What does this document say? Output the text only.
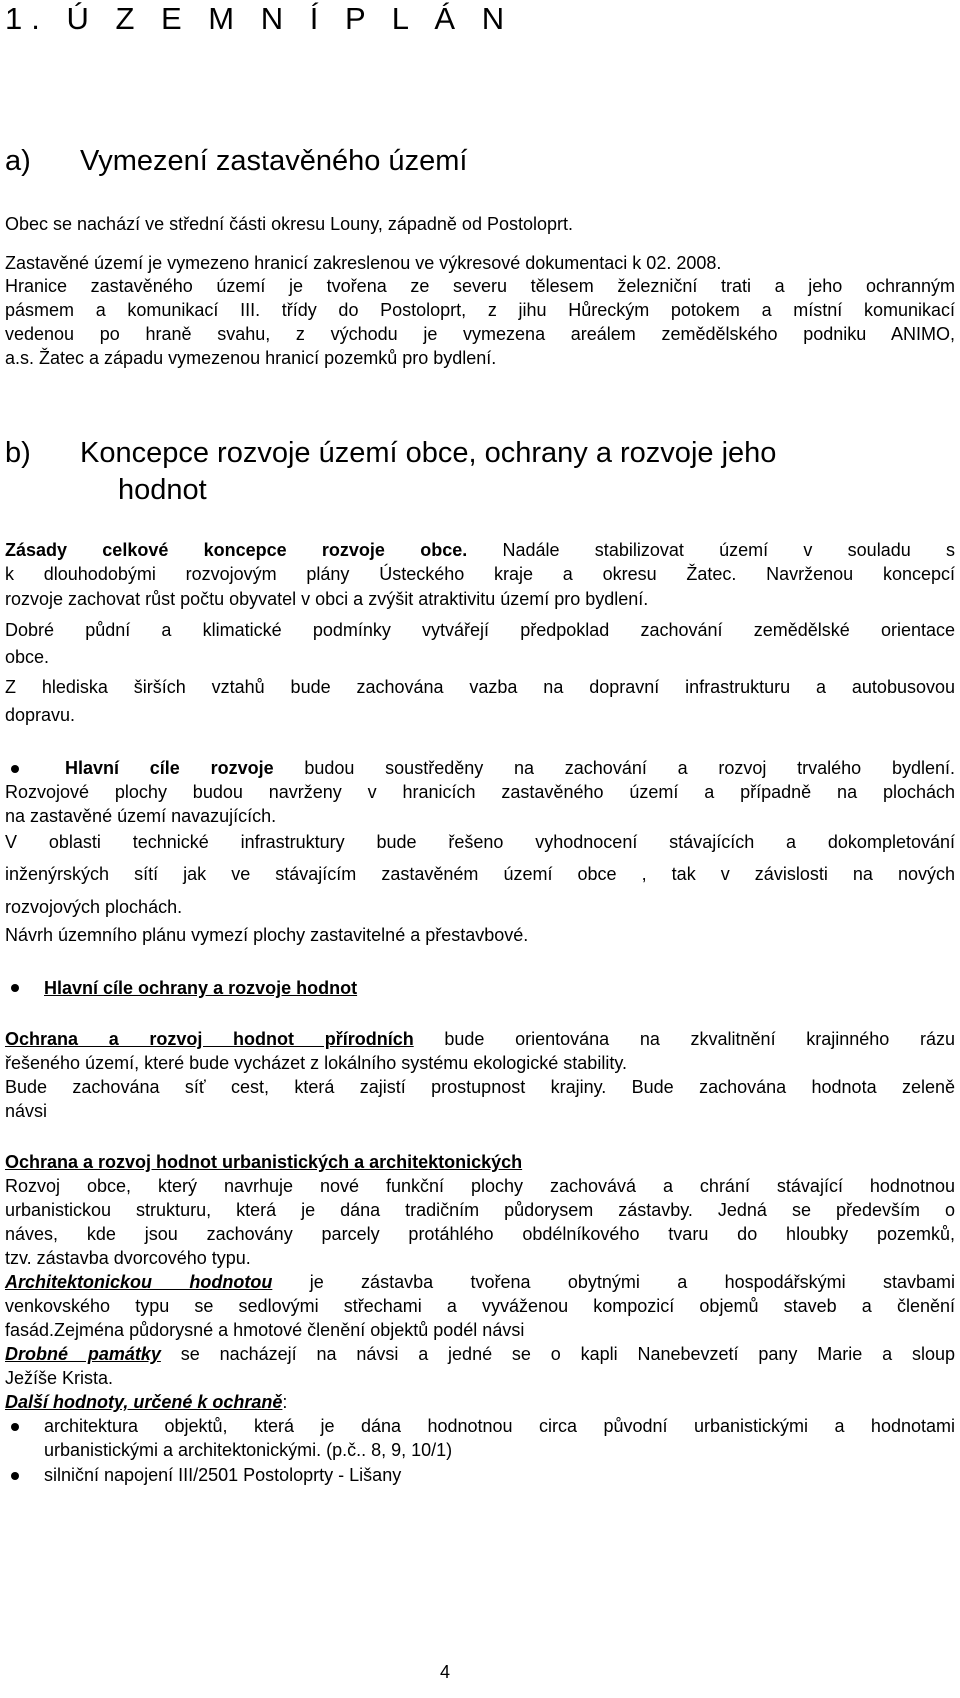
1. Ú Z E M N Í P L Á N
a) Vymezení zastavěného území
Obec se nachází ve střední části okresu Louny, západně od Postoloprt.
Zastavěné území je vymezeno hranicí zakreslenou ve výkresové dokumentaci k 02. 2008.
Hranice zastavěného území je tvořena ze severu tělesem železniční trati a jeho ochranným
pásmem a komunikací III. třídy do Postoloprt, z jihu Hůreckým potokem a místní komunikací
vedenou po hraně svahu, z východu je vymezena areálem zemědělského podniku ANIMO,
a.s. Žatec a západu vymezenou hranicí pozemků pro bydlení.
b) Koncepce rozvoje území obce, ochrany a rozvoje jeho
hodnot
Zásady celkové koncepce rozvoje obce. Nadále stabilizovat území v souladu s
k dlouhodobými rozvojovým plány Ústeckého kraje a okresu Žatec. Navrženou koncepcí
rozvoje zachovat růst počtu obyvatel v obci a zvýšit atraktivitu území pro bydlení.
Dobré půdní a klimatické podmínky vytvářejí předpoklad zachování zemědělské orientace
obce.
Z hlediska širších vztahů bude zachována vazba na dopravní infrastrukturu a autobusovou
dopravu.
Hlavní cíle rozvoje budou soustředěny na zachování a rozvoj trvalého bydlení.
Rozvojové plochy budou navrženy v hranicích zastavěného území a případně na plochách
na zastavěné území navazujících.
V oblasti technické infrastruktury bude řešeno vyhodnocení stávajících a dokompletování
inženýrských sítí jak ve stávajícím zastavěném území obce , tak v závislosti na nových
rozvojových plochách.
Návrh územního plánu vymezí plochy zastavitelné a přestavbové.
Hlavní cíle ochrany a rozvoje hodnot
Ochrana a rozvoj hodnot přírodních bude orientována na zkvalitnění krajinného rázu
řešeného území, které bude vycházet z lokálního systému ekologické stability.
Bude zachována síť cest, která zajistí prostupnost krajiny. Bude zachována hodnota zeleně
návsi
Ochrana a rozvoj hodnot urbanistických a architektonických
Rozvoj obce, který navrhuje nové funkční plochy zachovává a chrání stávající hodnotnou
urbanistickou strukturu, která je dána tradičním půdorysem zástavby. Jedná se především o
náves, kde jsou zachovány parcely protáhlého obdélníkového tvaru do hloubky pozemků,
tzv. zástavba dvorcového typu.
Architektonickou hodnotou je zástavba tvořena obytnými a hospodářskými stavbami
venkovského typu se sedlovými střechami a vyváženou kompozicí objemů staveb a členění
fasád.Zejména půdorysné a hmotové členění objektů podél návsi
Drobné památky se nacházejí na návsi a jedné se o kapli Nanebevzetí pany Marie a sloup
Ježíše Krista.
Další hodnoty, určené k ochraně:
architektura objektů, která je dána hodnotnou circa původní urbanistickými a hodnotami
urbanistickými a architektonickými. (p.č.. 8, 9, 10/1)
silniční napojení III/2501 Postoloprty - Lišany
4
